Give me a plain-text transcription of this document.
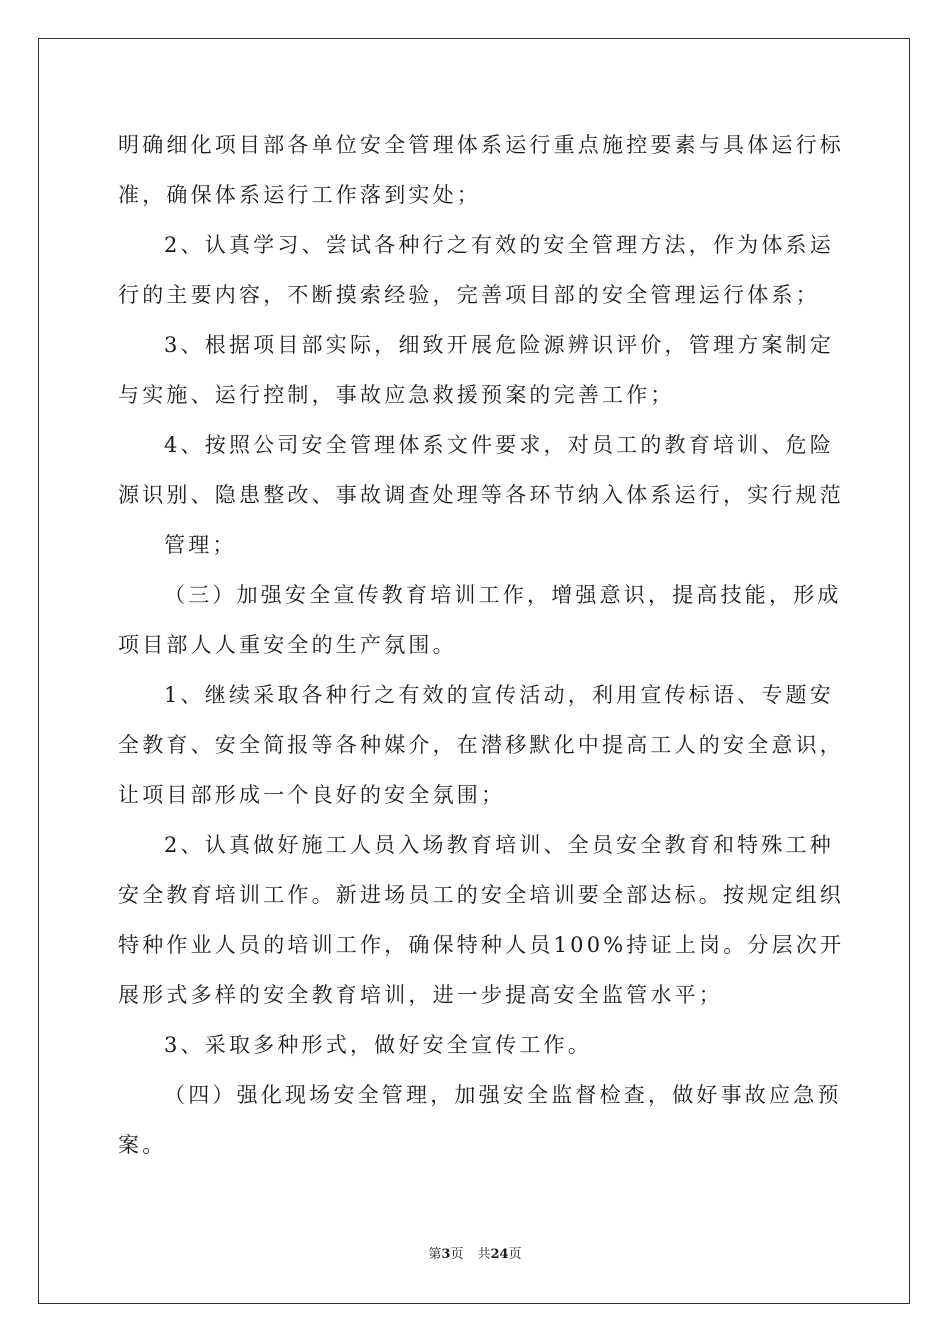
明确细化项目部各单位安全管理体系运行重点施控要素与具体运行标
准，确保体系运行工作落到实处；
2、认真学习、尝试各种行之有效的安全管理方法，作为体系运
行的主要内容，不断摸索经验，完善项目部的安全管理运行体系；
3、根据项目部实际，细致开展危险源辨识评价，管理方案制定
与实施、运行控制，事故应急救援预案的完善工作；
4、按照公司安全管理体系文件要求，对员工的教育培训、危险
源识别、隐患整改、事故调查处理等各环节纳入体系运行，实行规范
管理；
（三）加强安全宣传教育培训工作，增强意识，提高技能，形成
项目部人人重安全的生产氛围。
1、继续采取各种行之有效的宣传活动，利用宣传标语、专题安
全教育、安全简报等各种媒介，在潜移默化中提高工人的安全意识，
让项目部形成一个良好的安全氛围；
2、认真做好施工人员入场教育培训、全员安全教育和特殊工种
安全教育培训工作。新进场员工的安全培训要全部达标。按规定组织
特种作业人员的培训工作，确保特种人员100%持证上岗。分层次开
展形式多样的安全教育培训，进一步提高安全监管水平；
3、采取多种形式，做好安全宣传工作。
（四）强化现场安全管理，加强安全监督检查，做好事故应急预
案。
第3页 共24页
